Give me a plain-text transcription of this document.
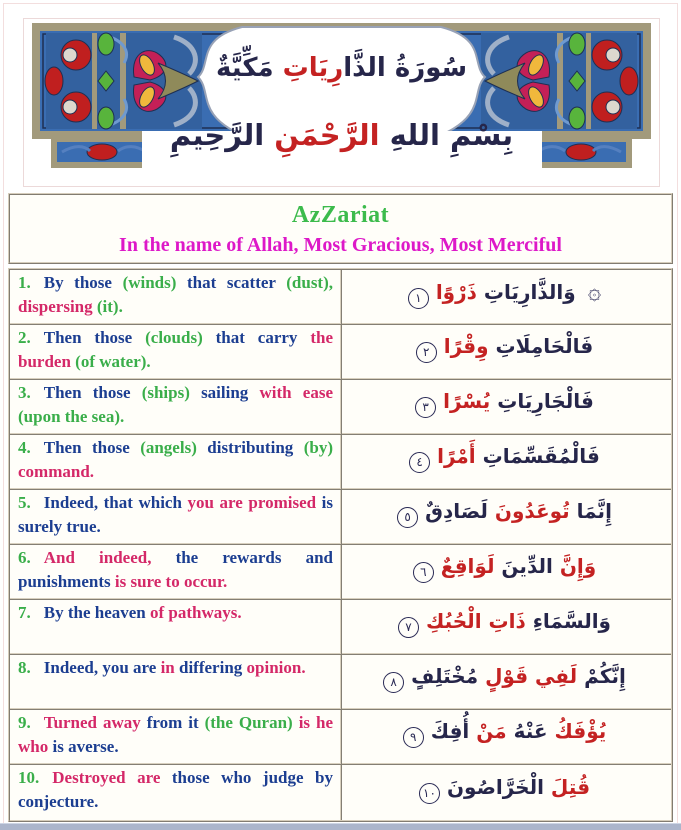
سُورَةُ الذَّارِيَاتِ مَكِّيَّةٌ
بِسْمِ اللهِ الرَّحْمَنِ الرَّحِيمِ
AzZariat
In the name of Allah, Most Gracious, Most Merciful
1. By those (winds) that scatter (dust), dispersing (it).	۞ وَالذَّارِيَاتِ ذَرْوًا١
2. Then those (clouds) that carry the burden (of water).	فَالْحَامِلَاتِ وِقْرًا٢
3. Then those (ships) sailing with ease (upon the sea).	فَالْجَارِيَاتِ يُسْرًا٣
4. Then those (angels) distributing (by) command.	فَالْمُقَسِّمَاتِ أَمْرًا٤
5. Indeed, that which you are promised is surely true.	إِنَّمَا تُوعَدُونَ لَصَادِقٌ٥
6. And indeed, the rewards and punishments is sure to occur.	وَإِنَّ الدِّينَ لَوَاقِعٌ٦
7. By the heaven of pathways.	وَالسَّمَاءِ ذَاتِ الْحُبُكِ٧
8. Indeed, you are in differing opinion.	إِنَّكُمْ لَفِي قَوْلٍ مُخْتَلِفٍ٨
9. Turned away from it (the Quran) is he who is averse.	يُؤْفَكُ عَنْهُ مَنْ أُفِكَ٩
10. Destroyed are those who judge by conjecture.	قُتِلَ الْخَرَّاصُونَ١٠
